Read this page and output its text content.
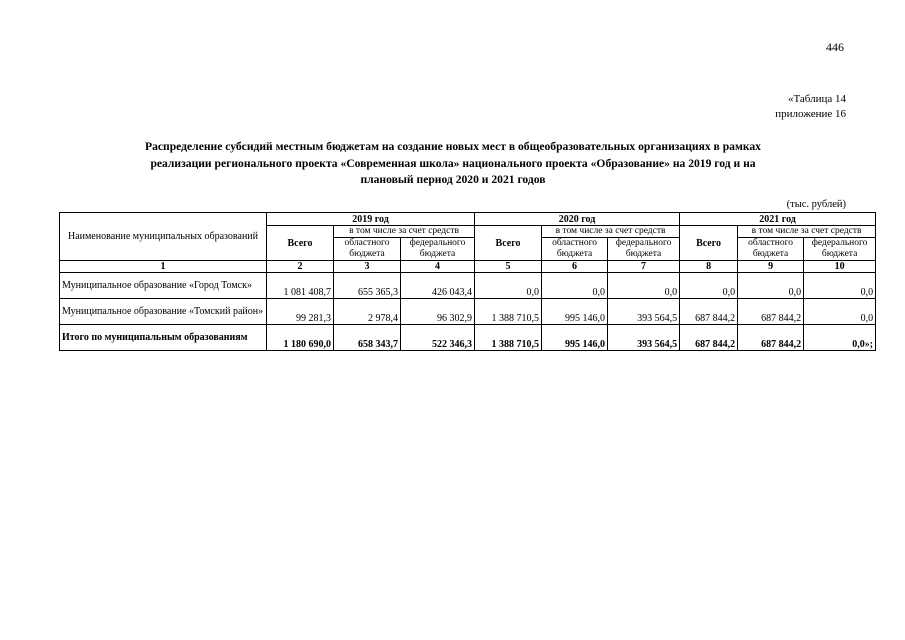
446
«Таблица 14
приложение 16
Распределение субсидий местным бюджетам на создание новых мест в общеобразовательных организациях в рамках
реализации регионального проекта «Современная школа» национального проекта «Образование» на 2019 год и на
плановый период 2020 и 2021 годов
(тыс. рублей)
Наименование муниципальных образований	2019 год			2020 год			2021 год		
	Всего	в том числе за счет средств		Всего	в том числе за счет средств		Всего	в том числе за счет средств	
		областного бюджета	федерального бюджета		областного бюджета	федерального бюджета		областного бюджета	федерального бюджета
1	2	3	4	5	6	7	8	9	10
Муниципальное образование «Город Томск»	1 081 408,7	655 365,3	426 043,4	0,0	0,0	0,0	0,0	0,0	0,0
Муниципальное образование «Томский район»	99 281,3	2 978,4	96 302,9	1 388 710,5	995 146,0	393 564,5	687 844,2	687 844,2	0,0
Итого по муниципальным образованиям	1 180 690,0	658 343,7	522 346,3	1 388 710,5	995 146,0	393 564,5	687 844,2	687 844,2	0,0»;
